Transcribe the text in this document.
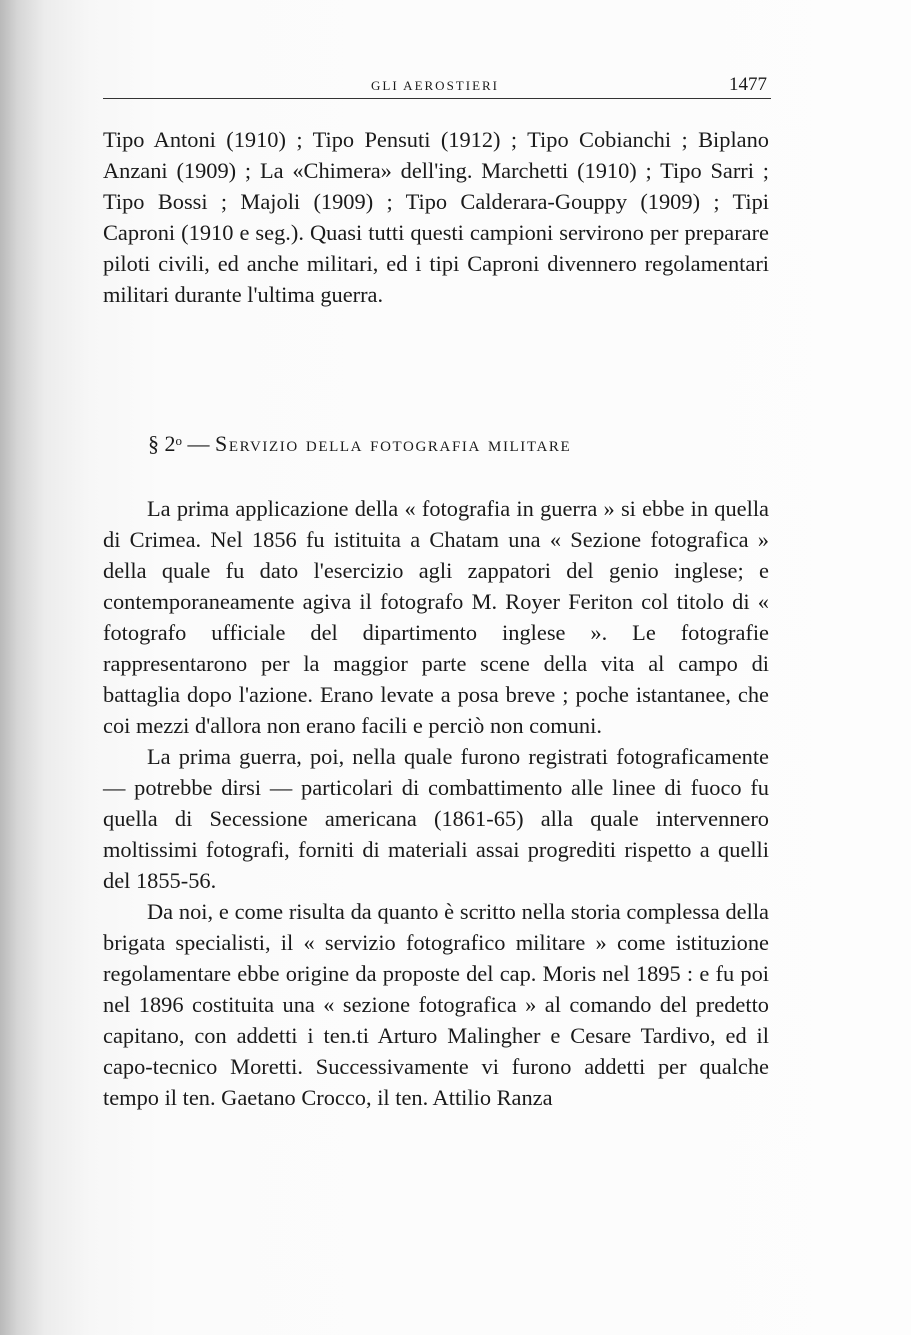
GLI AEROSTIERI	1477

Tipo Antoni (1910) ; Tipo Pensuti (1912) ; Tipo Cobianchi ; Biplano Anzani (1909) ; La «Chimera» dell'ing. Marchetti (1910) ; Tipo Sarri ; Tipo Bossi ; Majoli (1909) ; Tipo Calderara-Gouppy (1909) ; Tipi Caproni (1910 e seg.). Quasi tutti questi campioni servirono per preparare piloti civili, ed anche militari, ed i tipi Caproni divennero regolamentari militari durante l'ultima guerra.

§ 2$^o$ — Servizio della fotografia militare

La prima applicazione della « fotografia in guerra » si ebbe in quella di Crimea. Nel 1856 fu istituita a Chatam una « Sezione fotografica » della quale fu dato l'esercizio agli zappatori del genio inglese; e contemporaneamente agiva il fotografo M. Royer Feriton col titolo di « fotografo ufficiale del dipartimento inglese ». Le fotografie rappresentarono per la maggior parte scene della vita al campo di battaglia dopo l'azione. Erano levate a posa breve ; poche istantanee, che coi mezzi d'allora non erano facili e perciò non comuni.

La prima guerra, poi, nella quale furono registrati fotograficamente — potrebbe dirsi — particolari di combattimento alle linee di fuoco fu quella di Secessione americana (1861-65) alla quale intervennero moltissimi fotografi, forniti di materiali assai progrediti rispetto a quelli del 1855-56.

Da noi, e come risulta da quanto è scritto nella storia complessa della brigata specialisti, il « servizio fotografico militare » come istituzione regolamentare ebbe origine da proposte del cap. Moris nel 1895 : e fu poi nel 1896 costituita una « sezione fotografica » al comando del predetto capitano, con addetti i ten.ti Arturo Malingher e Cesare Tardivo, ed il capo-tecnico Moretti. Successivamente vi furono addetti per qualche tempo il ten. Gaetano Crocco, il ten. Attilio Ranza
